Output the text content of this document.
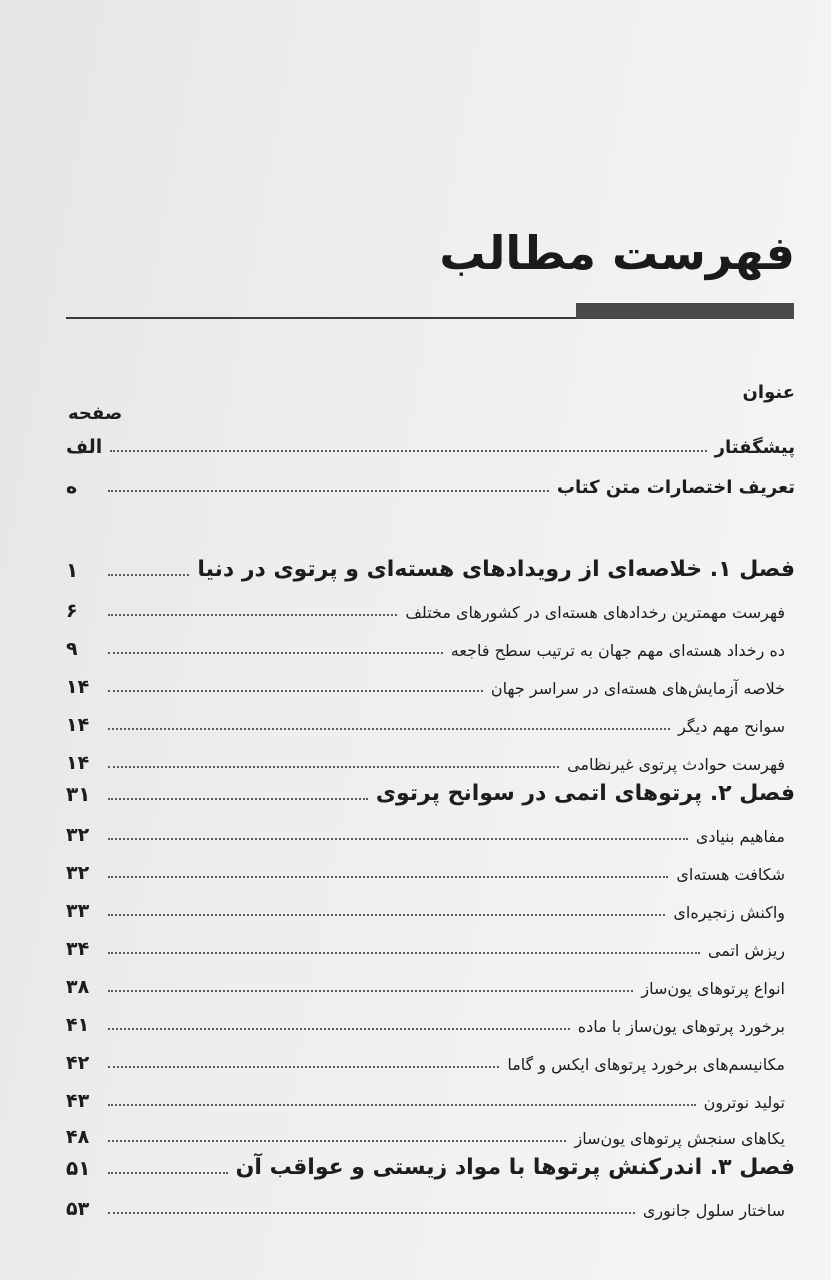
فهرست مطالب
عنوان
صفحه
پیشگفتار
الف
تعریف اختصارات متن کتاب
ه
فصل ۱. خلاصه‌ای از رویدادهای هسته‌ای و پرتوی در دنیا
۱
فهرست مهمترین رخدادهای هسته‌ای در کشورهای مختلف
۶
ده رخداد هسته‌ای مهم جهان به ترتیب سطح فاجعه
۹
خلاصه آزمایش‌های هسته‌ای در سراسر جهان
۱۴
سوانح مهم دیگر
۱۴
فهرست حوادث پرتوی غیرنظامی
۱۴
فصل ۲. پرتوهای اتمی در سوانح پرتوی
۳۱
مفاهیم بنیادی
۳۲
شکافت هسته‌ای
۳۲
واکنش زنجیره‌ای
۳۳
ریزش اتمی
۳۴
انواع پرتوهای یون‌ساز
۳۸
برخورد پرتوهای یون‌ساز با ماده
۴۱
مکانیسم‌های برخورد پرتوهای ایکس و گاما
۴۲
تولید نوترون
۴۳
یکاهای سنجش پرتوهای یون‌ساز
۴۸
فصل ۳. اندرکنش پرتوها با مواد زیستی و عواقب آن
۵۱
ساختار سلول جانوری
۵۳
